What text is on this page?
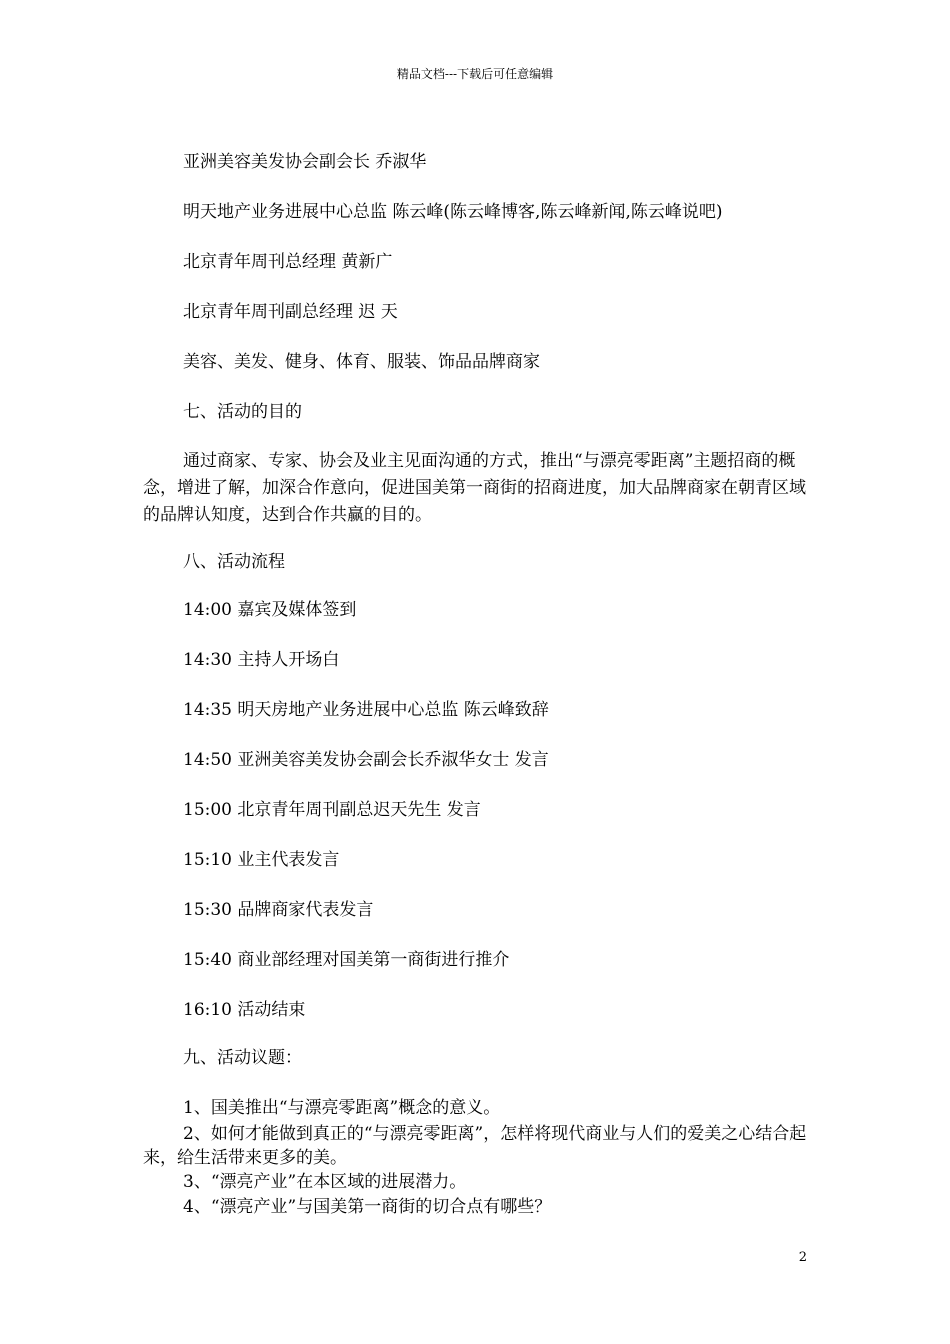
精品文档---下载后可任意编辑
亚洲美容美发协会副会长 乔淑华
明天地产业务进展中心总监 陈云峰(陈云峰博客,陈云峰新闻,陈云峰说吧)
北京青年周刊总经理 黄新广
北京青年周刊副总经理 迟 天
美容、美发、健身、体育、服装、饰品品牌商家
七、活动的目的
通过商家、专家、协会及业主见面沟通的方式，推出“与漂亮零距离”主题招商的概念，增进了解，加深合作意向，促进国美第一商街的招商进度，加大品牌商家在朝青区域的品牌认知度，达到合作共赢的目的。
八、活动流程
14:00 嘉宾及媒体签到
14:30 主持人开场白
14:35 明天房地产业务进展中心总监 陈云峰致辞
14:50 亚洲美容美发协会副会长乔淑华女士 发言
15:00 北京青年周刊副总迟天先生 发言
15:10 业主代表发言
15:30 品牌商家代表发言
15:40 商业部经理对国美第一商街进行推介
16:10 活动结束
九、活动议题：
1、国美推出“与漂亮零距离”概念的意义。
2、如何才能做到真正的“与漂亮零距离”，怎样将现代商业与人们的爱美之心结合起来，给生活带来更多的美。
3、“漂亮产业”在本区域的进展潜力。
4、“漂亮产业”与国美第一商街的切合点有哪些？
2
